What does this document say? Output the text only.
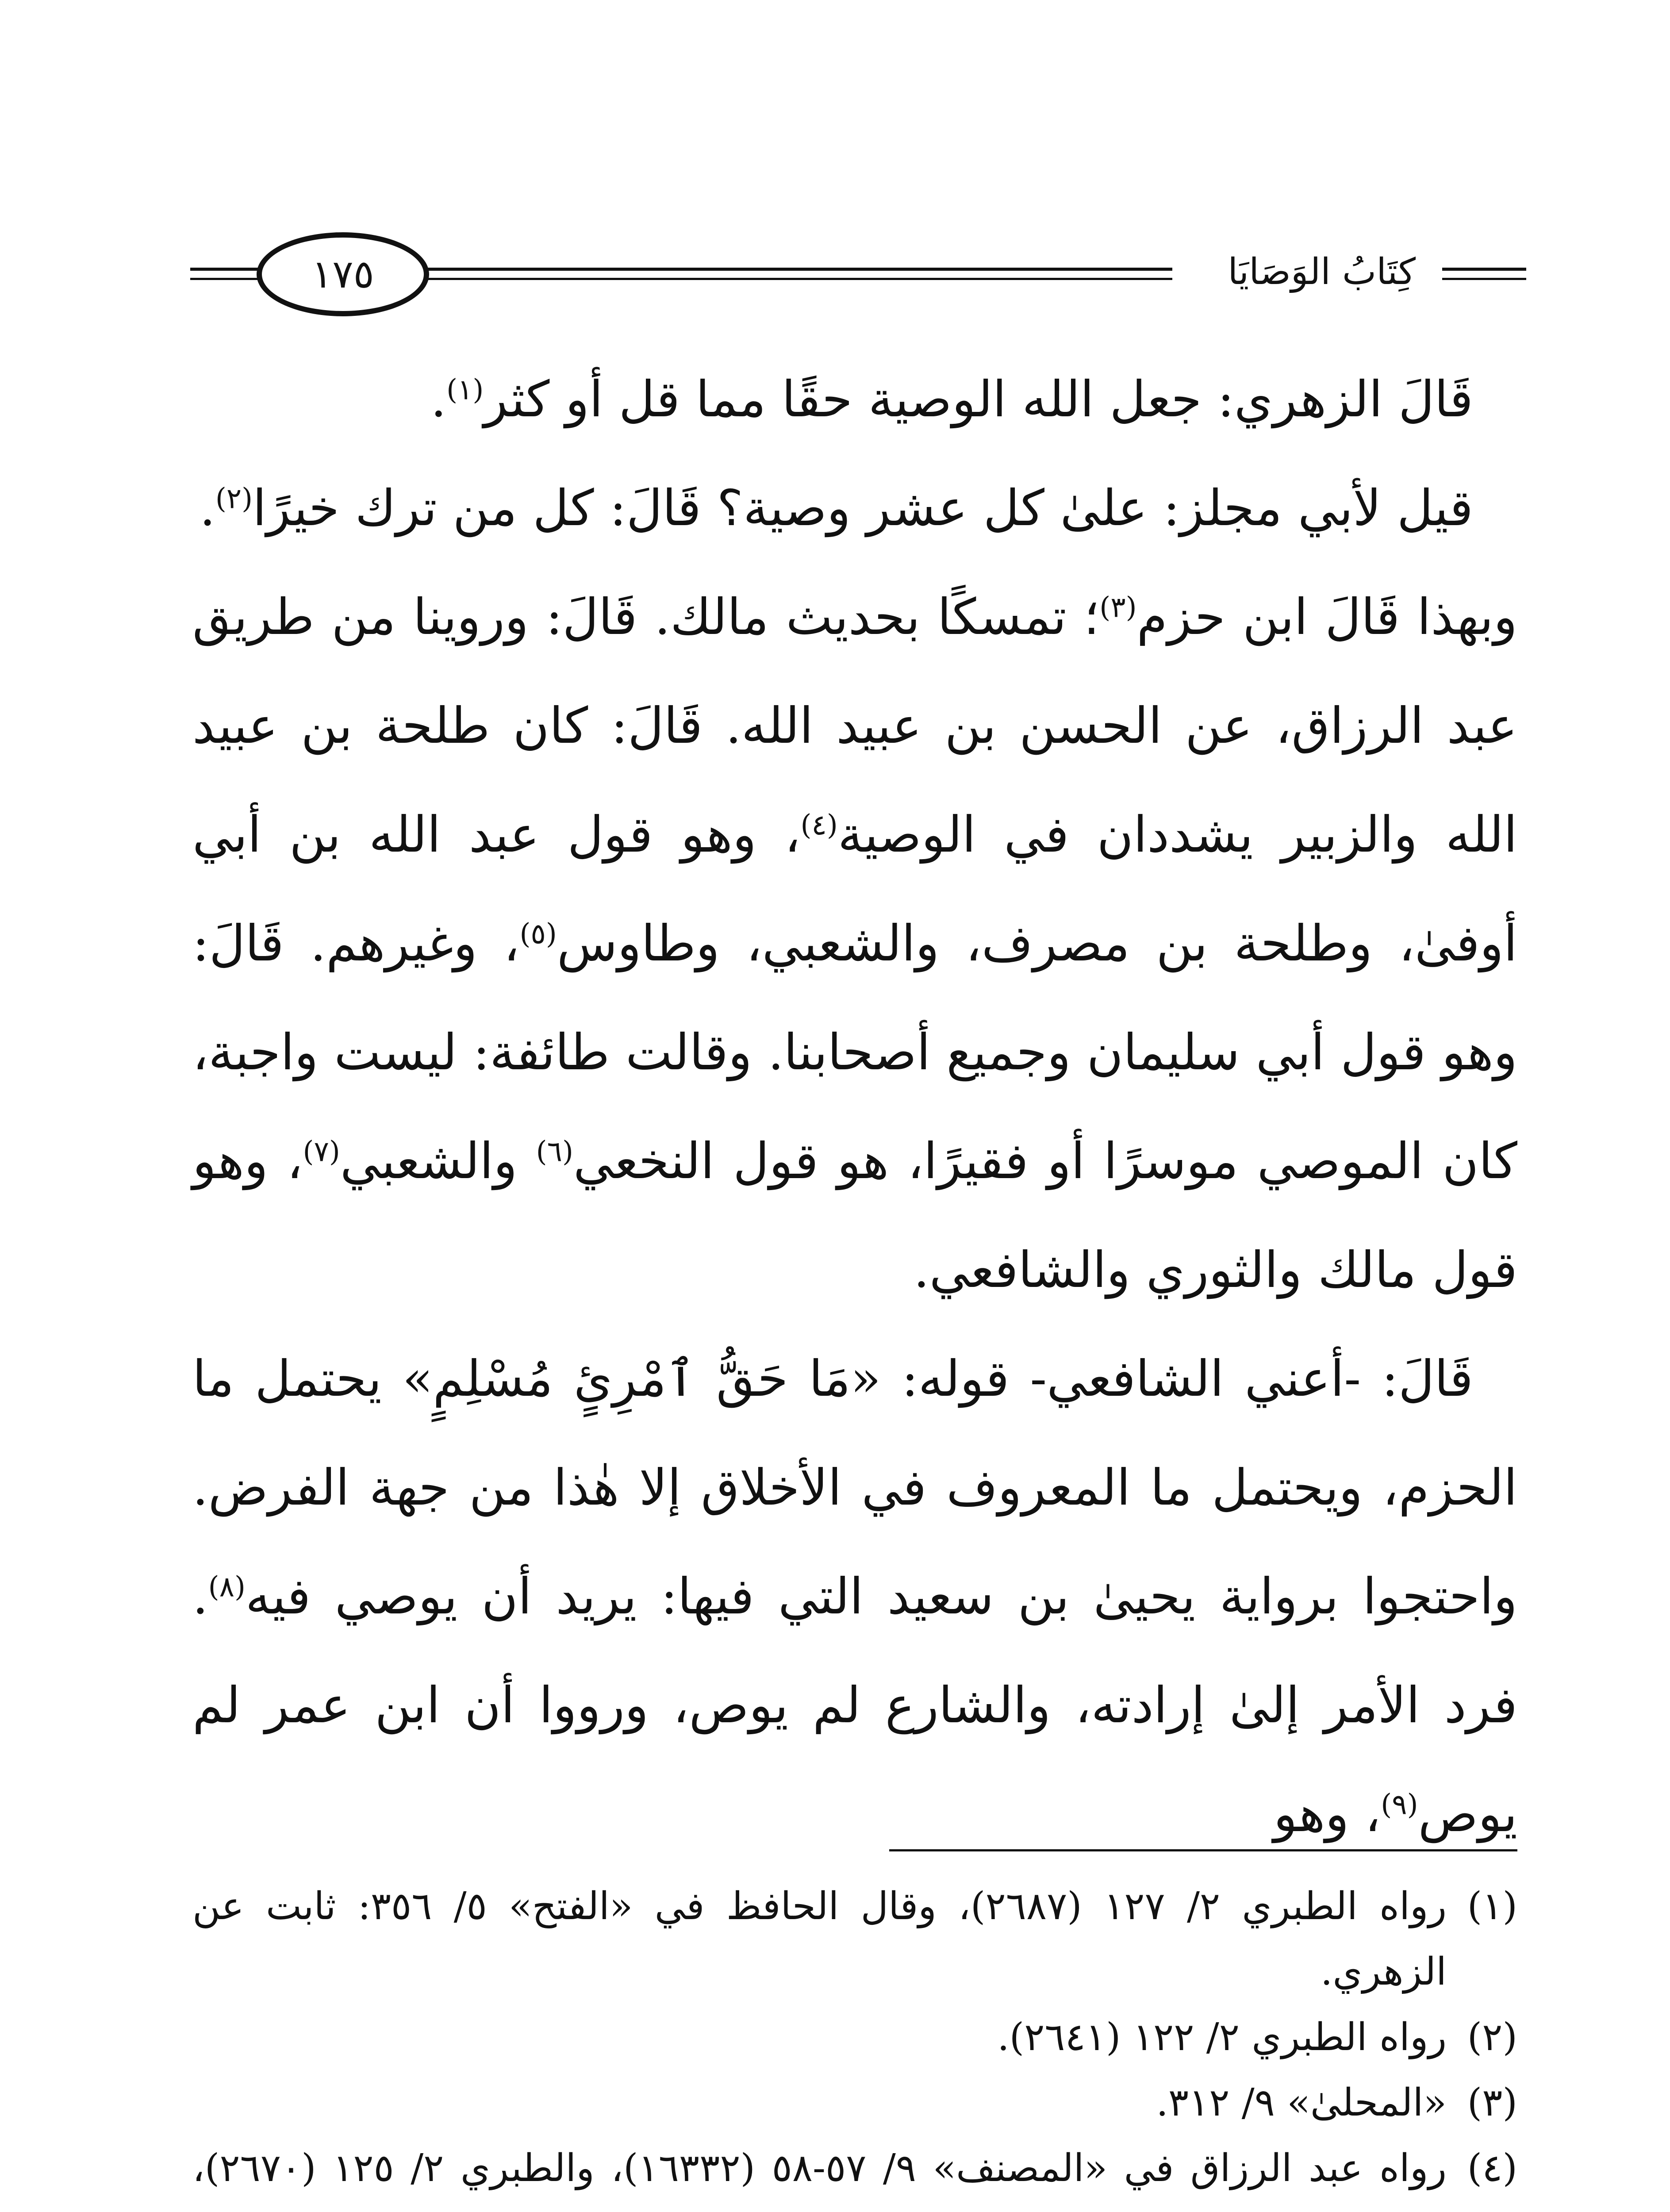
كِتَابُ الوَصَايَا
١٧٥

قَالَ الزهري: جعل الله الوصية حقًا مما قل أو كثر$^{(١)}$.

قيل لأبي مجلز: علىٰ كل عشر وصية؟ قَالَ: كل من ترك خيرًا$^{(٢)}$.

وبهذا قَالَ ابن حزم$^{(٣)}$؛ تمسكًا بحديث مالك. قَالَ: وروينا من طريق عبد الرزاق، عن الحسن بن عبيد الله. قَالَ: كان طلحة بن عبيد الله والزبير يشددان في الوصية$^{(٤)}$، وهو قول عبد الله بن أبي أوفىٰ، وطلحة بن مصرف، والشعبي، وطاوس$^{(٥)}$، وغيرهم. قَالَ: وهو قول أبي سليمان وجميع أصحابنا. وقالت طائفة: ليست واجبة، كان الموصي موسرًا أو فقيرًا، هو قول النخعي$^{(٦)}$ والشعبي$^{(٧)}$، وهو قول مالك والثوري والشافعي.

قَالَ: -أعني الشافعي- قوله: «مَا حَقُّ ٱمْرِئٍ مُسْلِمٍ» يحتمل ما الحزم، ويحتمل ما المعروف في الأخلاق إلا هٰذا من جهة الفرض. واحتجوا برواية يحيىٰ بن سعيد التي فيها: يريد أن يوصي فيه$^{(٨)}$. فرد الأمر إلىٰ إرادته، والشارع لم يوص، ورووا أن ابن عمر لم يوص$^{(٩)}$، وهو

(١)
رواه الطبري ٢/ ١٢٧ (٢٦٨٧)، وقال الحافظ في «الفتح» ٥/ ٣٥٦: ثابت عن الزهري.
(٢)
رواه الطبري ٢/ ١٢٢ (٢٦٤١).
(٣)
«المحلىٰ» ٩/ ٣١٢.
(٤)
رواه عبد الرزاق في «المصنف» ٩/ ٥٧-٥٨ (١٦٣٣٢)، والطبري ٢/ ١٢٥ (٢٦٧٠)،
